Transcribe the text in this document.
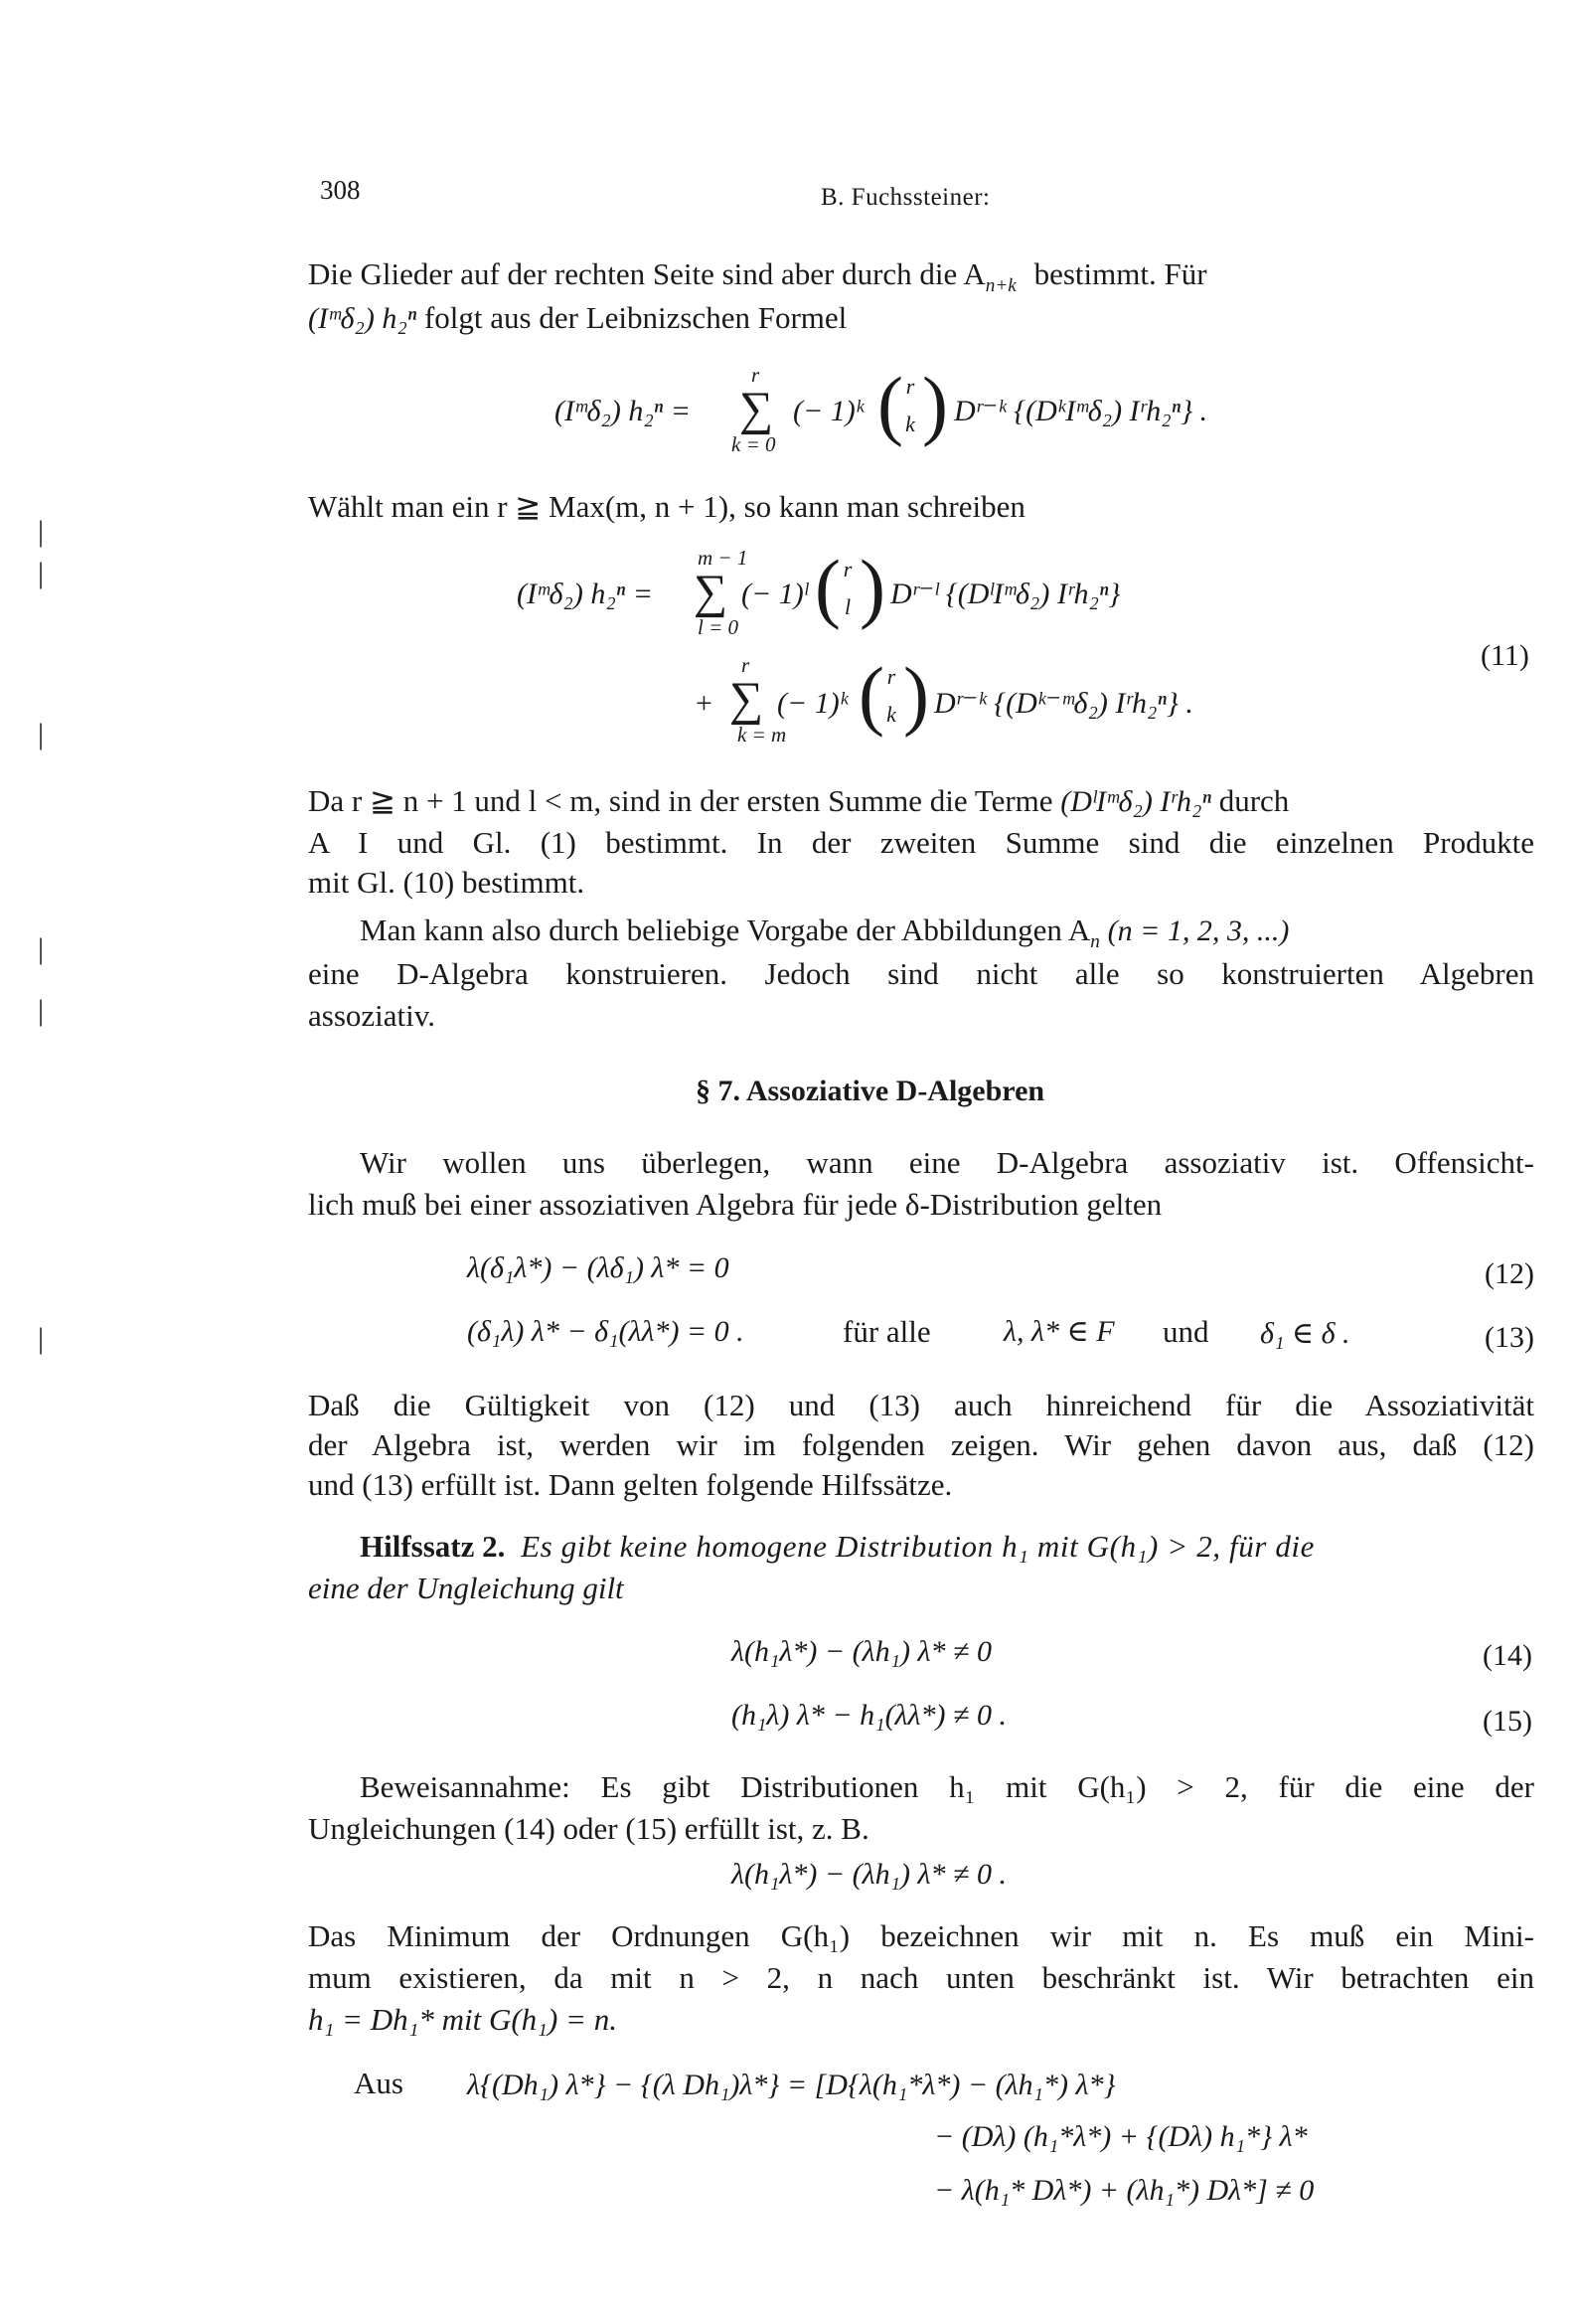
308	B. Fuchssteiner:
|
|
|
|
|
|
Die Glieder auf der rechten Seite sind aber durch die $A_{n+k}$ bestimmt. Für
(Iᵐδ₂) h₂ⁿ folgt aus der Leibnizschen Formel
(Iᵐδ₂) h₂ⁿ =
r
∑
k = 0
(− 1)ᵏ ( r
k ) Dʳ⁻ᵏ {(DᵏIᵐδ₂) Iʳh₂ⁿ} .
Wählt man ein r ≧ Max(m, n + 1), so kann man schreiben
(Iᵐδ₂) h₂ⁿ =
m − 1
∑
l = 0
(− 1)ˡ ( r
l ) Dʳ⁻ˡ {(DˡIᵐδ₂) Iʳh₂ⁿ}
+
r
∑
k = m
(− 1)ᵏ ( r
k ) Dʳ⁻ᵏ {(Dᵏ⁻ᵐδ₂) Iʳh₂ⁿ} .
(11)
Da r ≧ n + 1 und l < m, sind in der ersten Summe die Terme (DˡIᵐδ₂) Iʳh₂ⁿ durch
A I und Gl. (1) bestimmt. In der zweiten Summe sind die einzelnen Produkte
mit Gl. (10) bestimmt.
Man kann also durch beliebige Vorgabe der Abbildungen $A_n$ (n = 1, 2, 3, ...)
eine D-Algebra konstruieren. Jedoch sind nicht alle so konstruierten Algebren
assoziativ.
§ 7. Assoziative D-Algebren
Wir wollen uns überlegen, wann eine D-Algebra assoziativ ist. Offensicht-
lich muß bei einer assoziativen Algebra für jede δ-Distribution gelten
λ(δ₁λ*) − (λδ₁) λ* = 0	(12)
(δ₁λ) λ* − δ₁(λλ*) = 0 .	für alle λ, λ* ∈ F und δ₁ ∈ δ .	(13)
Daß die Gültigkeit von (12) und (13) auch hinreichend für die Assoziativität
der Algebra ist, werden wir im folgenden zeigen. Wir gehen davon aus, daß (12)
und (13) erfüllt ist. Dann gelten folgende Hilfssätze.
Hilfssatz 2. Es gibt keine homogene Distribution h₁ mit G(h₁) > 2, für die
eine der Ungleichung gilt
λ(h₁λ*) − (λh₁) λ* ≠ 0	(14)
(h₁λ) λ* − h₁(λλ*) ≠ 0 .	(15)
Beweisannahme: Es gibt Distributionen h₁ mit G(h₁) > 2, für die eine der
Ungleichungen (14) oder (15) erfüllt ist, z. B.
λ(h₁λ*) − (λh₁) λ* ≠ 0 .
Das Minimum der Ordnungen G(h₁) bezeichnen wir mit n. Es muß ein Mini-
mum existieren, da mit n > 2, n nach unten beschränkt ist. Wir betrachten ein
h₁ = Dh₁* mit G(h₁) = n.
Aus λ{(Dh₁) λ*} − {(λ Dh₁)λ*} = [D{λ(h₁*λ*) − (λh₁*) λ*}
− (Dλ) (h₁*λ*) + {(Dλ) h₁*} λ*
− λ(h₁* Dλ*) + (λh₁*) Dλ*] ≠ 0
